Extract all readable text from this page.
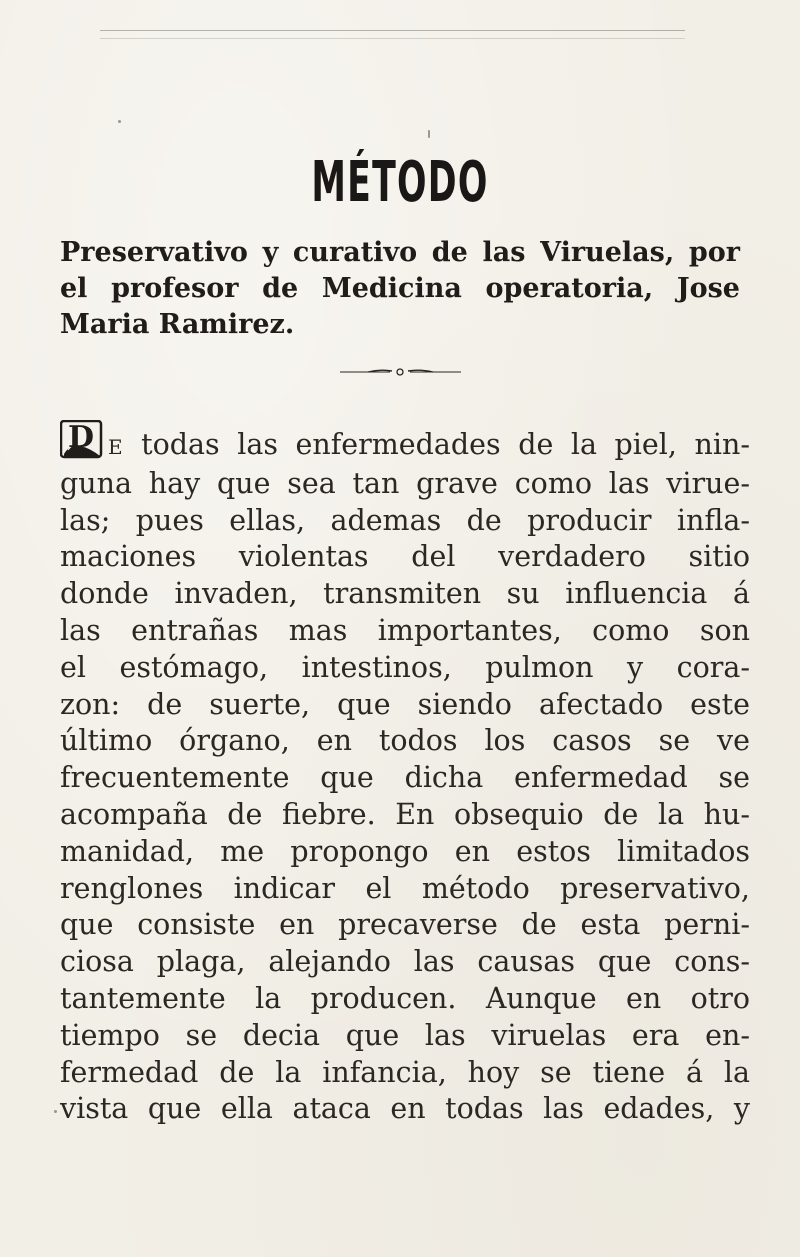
MÉTODO
Preservativo y curativo de las Viruelas, por el profesor de Medicina operatoria, Jose Maria Ramirez.
D E todas las enfermedades de la piel, nin-
guna hay que sea tan grave como las virue-
las; pues ellas, ademas de producir infla-
maciones violentas del verdadero sitio
donde invaden, transmiten su influencia á
las entrañas mas importantes, como son
el estómago, intestinos, pulmon y cora-
zon: de suerte, que siendo afectado este
último órgano, en todos los casos se ve
frecuentemente que dicha enfermedad se
acompaña de fiebre. En obsequio de la hu-
manidad, me propongo en estos limitados
renglones indicar el método preservativo,
que consiste en precaverse de esta perni-
ciosa plaga, alejando las causas que cons-
tantemente la producen. Aunque en otro
tiempo se decia que las viruelas era en-
fermedad de la infancia, hoy se tiene á la
vista que ella ataca en todas las edades, y
